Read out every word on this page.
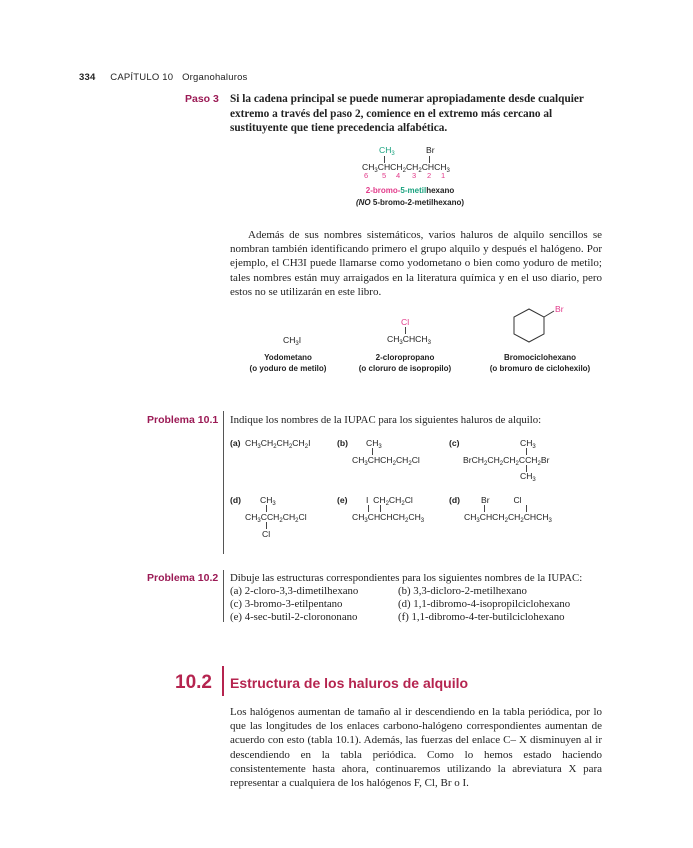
334 CAPÍTULO 10 Organohaluros
Paso 3 Si la cadena principal se puede numerar apropiadamente desde cualquier extremo a través del paso 2, comience en el extremo más cercano al sustituyente que tiene precedencia alfabética.
$CH_3$	Br
$CH_3CHCH_2CH_2CHCH_3$
6 5 4 3 2 1
2-bromo-5-metilhexano
(NO 5-bromo-2-metilhexano)
Además de sus nombres sistemáticos, varios haluros de alquilo sencillos se nombran también identificando primero el grupo alquilo y después el halógeno. Por ejemplo, el CH3I puede llamarse como yodometano o bien como yoduro de metilo; tales nombres están muy arraigados en la literatura química y en el uso diario, pero estos no se utilizarán en este libro.
$CH_3I$
Yodometano
(o yoduro de metilo)
Cl
$CH_3CHCH_3$
2-cloropropano
(o cloruro de isopropilo)
Br
Bromociclohexano
(o bromuro de ciclohexilo)
Problema 10.1 Indique los nombres de la IUPAC para los siguientes haluros de alquilo:
(a) $CH_3CH_2CH_2CH_2I$	(b) $CH_3$
$CH_3CHCH_2CH_2Cl$
(c)	$CH_3$
$BrCH_2CH_2CH_2CCH_2Br$
$CH_3$
(d) $CH_3$
$CH_3CCH_2CH_2Cl$
Cl
(e) I  $CH_2CH_2Cl$
$CH_3CHCHCH_2CH_3$
(d) Br          Cl
$CH_3CHCH_2CH_2CHCH_3$
Problema 10.2 Dibuje las estructuras correspondientes para los siguientes nombres de la IUPAC:
(a) 2-cloro-3,3-dimetilhexano	(b) 3,3-dicloro-2-metilhexano
(c) 3-bromo-3-etilpentano	(d) 1,1-dibromo-4-isopropilciclohexano
(e) 4-sec-butil-2-clorononano	(f) 1,1-dibromo-4-ter-butilciclohexano
10.2 Estructura de los haluros de alquilo
Los halógenos aumentan de tamaño al ir descendiendo en la tabla periódica, por lo que las longitudes de los enlaces carbono-halógeno correspondientes aumentan de acuerdo con esto (tabla 10.1). Además, las fuerzas del enlace C– X disminuyen al ir descendiendo en la tabla periódica. Como lo hemos estado haciendo consistentemente hasta ahora, continuaremos utilizando la abreviatura X para representar a cualquiera de los halógenos F, Cl, Br o I.
